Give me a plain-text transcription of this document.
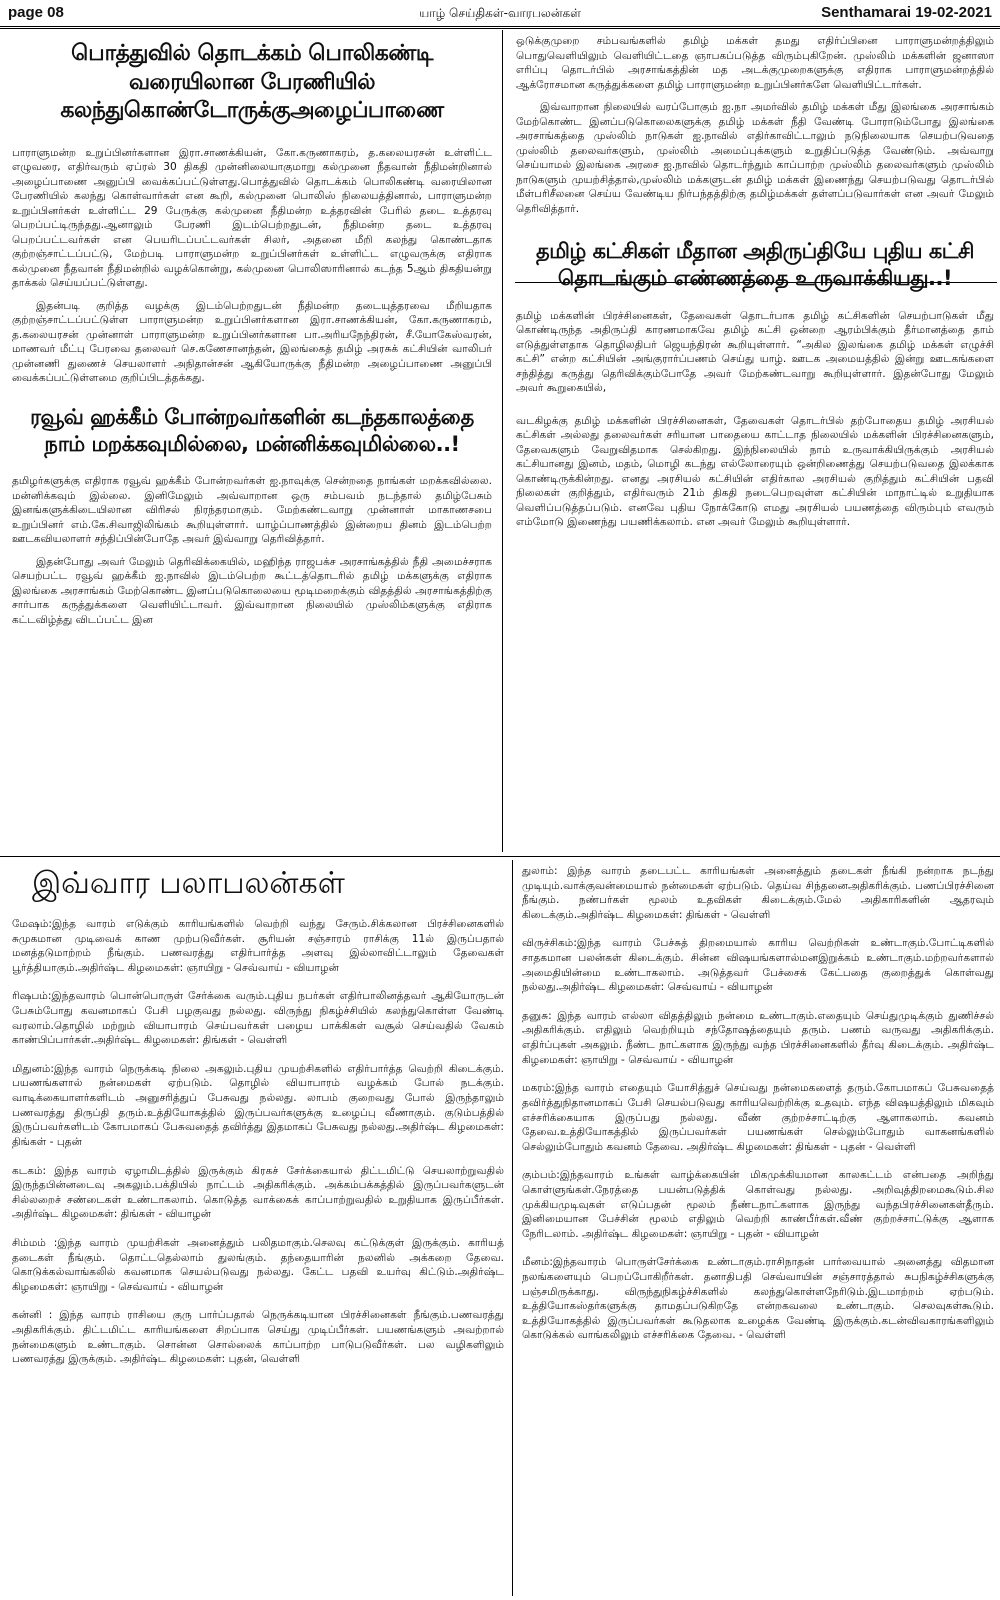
page 08	யாழ் செய்திகள்-வாரபலன்கள்	Senthamarai 19-02-2021
பொத்துவில் தொடக்கம் பொலிகண்டி வரையிலான பேரணியில் கலந்துகொண்டோருக்குஅழைப்பாணை

பாராளுமன்ற உறுப்பினர்களான இரா.சாணக்கியன், கோ.கருணாகரம், த.கலையரசன் உள்ளிட்ட எழுவரை, எதிர்வரும் ஏப்ரல் 30 திகதி முன்னிலையாகுமாறு கல்முனை நீதவான் நீதிமன்றினால் அழைப்பாணை அனுப்பி வைக்கப்பட்டுள்ளது.பொத்துவில் தொடக்கம் பொலிகண்டி வரையிலான பேரணியில் கலந்து கொள்வார்கள் என கூறி, கல்முனை பொலிஸ் நிலையத்தினால், பாராளுமன்ற உறுப்பினர்கள் உள்ளிட்ட 29 பேருக்கு கல்முனை நீதிமன்ற உத்தரவின் பேரில் தடை உத்தரவு பெறப்பட்டிருந்தது.ஆனாலும் பேரணி இடம்பெற்றதுடன், நீதிமன்ற தடை உத்தரவு பெறப்பட்டவர்கள் என பெயரிடப்பட்டவர்கள் சிலர், அதனை மீறி கலந்து கொண்டதாக குற்றஞ்சாட்டப்பட்டு, மேற்படி பாராளுமன்ற உறுப்பினர்கள் உள்ளிட்ட எழுவருக்கு எதிராக கல்முனை நீதவான் நீதிமன்றில் வழக்கொன்று, கல்முனை பொலிஸாரினால் கடந்த 5ஆம் திகதியன்று தாக்கல் செய்யப்பட்டுள்ளது.

இதன்படி குறித்த வழக்கு இடம்பெற்றதுடன் நீதிமன்ற தடையுத்தரவை மீறியதாக குற்றஞ்சாட்டப்பட்டுள்ள பாராளுமன்ற உறுப்பினர்களான இரா.சாணக்கியன், கோ.கருணாகரம், த.கலையரசன் முன்னாள் பாராளுமன்ற உறுப்பினர்களான பா.அரியநேந்திரன், சீ.யோகேஸ்வரன், மாணவர் மீட்பு பேரவை தலைவர் செ.கணேசானந்தன், இலங்கைத் தமிழ் அரசுக் கட்சியின் வாலிபர் முன்னணி துணைச் செயலாளர் அநிதான்சன் ஆகியோருக்கு நீதிமன்ற அழைப்பாணை அனுப்பி வைக்கப்பட்டுள்ளமை குறிப்பிடத்தக்கது.

ரவூவ் ஹக்கீம் போன்றவர்களின் கடந்தகாலத்தை நாம் மறக்கவுமில்லை, மன்னிக்கவுமில்லை..!

தமிழர்களுக்கு எதிராக ரவூவ் ஹக்கீம் போன்றவர்கள் ஐ.நாவுக்கு சென்றதை நாங்கள் மறக்கவில்லை. மன்னிக்கவும் இல்லை. இனிமேலும் அவ்வாறான ஒரு சம்பவம் நடந்தால் தமிழ்பேசும் இனங்களுக்கிடையிலான விரிசல் நிரந்தரமாகும். மேற்கண்டவாறு முன்னாள் மாகாணசபை உறுப்பினர் எம்.கே.சிவாஜிலிங்கம் கூறியுள்ளார். யாழ்ப்பாணத்தில் இன்றைய தினம் இடம்பெற்ற ஊடகவியலாளர் சந்திப்பின்போதே அவர் இவ்வாறு தெரிவித்தார்.

இதன்போது அவர் மேலும் தெரிவிக்கையில், மஹிந்த ராஜபக்ச அரசாங்கத்தில் நீதி அமைச்சராக செயற்பட்ட ரவூவ் ஹக்கீம் ஐ.நாவில் இடம்பெற்ற கூட்டத்தொடரில் தமிழ் மக்களுக்கு எதிராக இலங்கை அரசாங்கம் மேற்கொண்ட இனப்படுகொலையை மூடிமறைக்கும் விதத்தில் அரசாங்கத்திற்கு சார்பாக கருத்துக்களை வெளியிட்டாவர். இவ்வாறான நிலையில் முஸ்லிம்களுக்கு எதிராக கட்டவிழ்த்து விடப்பட்ட இன

ஒடுக்குமுறை சம்பவங்களில் தமிழ் மக்கள் தமது எதிர்ப்பினை பாராளுமன்றத்திலும் பொதுவெளியிலும் வெளியிட்டதை ஞாபகப்படுத்த விரும்புகிறேன். முஸ்லிம் மக்களின் ஜனாஸா எரிப்பு தொடர்பில் அரசாங்கத்தின் மத அடக்குமுறைகளுக்கு எதிராக பாராளுமன்றத்தில் ஆக்ரோசமான கருத்துக்களை தமிழ் பாராளுமன்ற உறுப்பினர்களே வெளியிட்டார்கள்.

இவ்வாறான நிலையில் வரப்போகும் ஐ.நா அமர்வில் தமிழ் மக்கள் மீது இலங்கை அரசாங்கம் மேற்கொண்ட இனப்படுகொலைகளுக்கு தமிழ் மக்கள் நீதி வேண்டி போராடும்போது இலங்கை அரசாங்கத்தை முஸ்லிம் நாடுகள் ஐ.நாவில் எதிர்காவிட்டாலும் நடுநிலையாக செயற்படுவதை முஸ்லிம் தலைவர்களும், முஸ்லிம் அமைப்புக்களும் உறுதிப்படுத்த வேண்டும். அவ்வாறு செய்யாமல் இலங்கை அரசை ஐ.நாவில் தொடர்ந்தும் காப்பாற்ற முஸ்லிம் தலைவர்களும் முஸ்லிம் நாடுகளும் முயற்சித்தால்,முஸ்லிம் மக்களுடன் தமிழ் மக்கள் இணைந்து செயற்படுவது தொடர்பில் மீள்பரிசீலனை செய்ய வேண்டிய நிர்பந்தத்திற்கு தமிழ்மக்கள் தள்ளப்படுவார்கள் என அவர் மேலும் தெரிவித்தார்.

தமிழ் கட்சிகள் மீதான அதிருப்தியே புதிய கட்சி தொடங்கும் எண்ணத்தை உருவாக்கியது..!

தமிழ் மக்களின் பிரச்சினைகள், தேவைகள் தொடர்பாக தமிழ் கட்சிகளின் செயற்பாடுகள் மீது கொண்டிருந்த அதிருப்தி காரணமாகவே தமிழ் கட்சி ஒன்றை ஆரம்பிக்கும் தீர்மானத்தை தாம் எடுத்துள்ளதாக தொழிலதிபர் ஜெயந்திரன் கூறியுள்ளார். “அகில இலங்கை தமிழ் மக்கள் எழுச்சி கட்சி” என்ற கட்சியின் அங்குரார்ப்பணம் செய்து யாழ். ஊடக அமையத்தில் இன்று ஊடகங்களை சந்தித்து கருத்து தெரிவிக்கும்போதே அவர் மேற்கண்டவாறு கூறியுள்ளார். இதன்போது மேலும் அவர் கூறுகையில்,

வடகிழக்கு தமிழ் மக்களின் பிரச்சினைகள், தேவைகள் தொடர்பில் தற்போதைய தமிழ் அரசியல் கட்சிகள் அல்லது தலைவர்கள் சரியான பாதையை காட்டாத நிலையில் மக்களின் பிரச்சினைகளும், தேவைகளும் வேறுவிதமாக செல்கிறது. இந்நிலையில் நாம் உருவாக்கியிருக்கும் அரசியல் கட்சியானது இனம், மதம், மொழி கடந்து எல்லோரையும் ஒன்றிணைத்து செயற்படுவதை இலக்காக கொண்டிருக்கின்றது. எனது அரசியல் கட்சியின் எதிர்கால அரசியல் குறித்தும் கட்சியின் பதவி நிலைகள் குறித்தும், எதிர்வரும் 21ம் திகதி நடைபெறவுள்ள கட்சியின் மாநாட்டில் உறுதியாக வெளிப்படுத்தப்படும். எனவே புதிய நோக்கோடு எமது அரசியல் பயணத்தை விரும்பும் எவரும் எம்மோடு இணைந்து பயணிக்கலாம். என அவர் மேலும் கூறியுள்ளார்.

இவ்வார பலாபலன்கள்

மேஷம்:இந்த வாரம் எடுக்கும் காரியங்களில் வெற்றி வந்து சேரும்.சிக்கலான பிரச்சினைகளில் சுமுகமான முடிவைக் காண முற்படுவீர்கள். சூரியன் சஞ்சாரம் ராசிக்கு 11ல் இருப்பதால் மனத்தடுமாற்றம் நீங்கும். பணவரத்து எதிர்பார்த்த அளவு இல்லாவிட்டாலும் தேவைகள் பூர்த்தியாகும்.அதிர்ஷ்ட கிழமைகள்: ஞாயிறு - செவ்வாய் - வியாழன்

ரிஷபம்:இந்தவாரம் பொன்பொருள் சேர்க்கை வரும்.புதிய நபர்கள் எதிர்பாலினத்தவர் ஆகியோருடன் பேசும்போது கவனமாகப் பேசி பழகுவது நல்லது. விருந்து நிகழ்ச்சியில் கலந்துகொள்ள வேண்டி வரலாம்.தொழில் மற்றும் வியாபாரம் செய்பவர்கள் பழைய பாக்கிகள் வசூல் செய்வதில் வேகம் காண்பிப்பார்கள்.அதிர்ஷ்ட கிழமைகள்: திங்கள் - வெள்ளி

மிதுனம்:இந்த வாரம் நெருக்கடி நிலை அகலும்.புதிய முயற்சிகளில் எதிர்பார்த்த வெற்றி கிடைக்கும். பயணங்களால் நன்மைகள் ஏற்படும். தொழில் வியாபாரம் வழக்கம் போல் நடக்கும். வாடிக்கையாளர்களிடம் அனுசரித்துப் பேசுவது நல்லது. லாபம் குறைவது போல் இருந்தாலும் பணவரத்து திருப்தி தரும்.உத்தியோகத்தில் இருப்பவர்களுக்கு உழைப்பு வீணாகும். குடும்பத்தில் இருப்பவர்களிடம் கோபமாகப் பேசுவதைத் தவிர்த்து இதமாகப் பேசுவது நல்லது.அதிர்ஷ்ட கிழமைகள்: திங்கள் - புதன்

கடகம்: இந்த வாரம் ஏழாமிடத்தில் இருக்கும் கிரகச் சேர்க்கையால் திட்டமிட்டு செயலாற்றுவதில் இருந்தபின்னடைவு அகலும்.பக்தியில் நாட்டம் அதிகரிக்கும். அக்கம்பக்கத்தில் இருப்பவர்களுடன் சில்லறைச் சண்டைகள் உண்டாகலாம். கொடுத்த வாக்கைக் காப்பாற்றுவதில் உறுதியாக இருப்பீர்கள். அதிர்ஷ்ட கிழமைகள்: திங்கள் - வியாழன்

சிம்மம் :இந்த வாரம் முயற்சிகள் அனைத்தும் பலிதமாகும்.செலவு கட்டுக்குள் இருக்கும். காரியத் தடைகள் நீங்கும். தொட்டதெல்லாம் துலங்கும். தந்தையாரின் நலனில் அக்கறை தேவை. கொடுக்கல்வாங்கலில் கவனமாக செயல்படுவது நல்லது. கேட்ட பதவி உயர்வு கிட்டும்.அதிர்ஷ்ட கிழமைகள்: ஞாயிறு - செவ்வாய் - வியாழன்

கன்னி : இந்த வாரம் ராசியை குரு பார்ப்பதால் நெருக்கடியான பிரச்சினைகள் நீங்கும்.பணவரத்து அதிகரிக்கும். திட்டமிட்ட காரியங்களை சிறப்பாக செய்து முடிப்பீர்கள். பயணங்களும் அவற்றால் நன்மைகளும் உண்டாகும். சொன்ன சொல்லைக் காப்பாற்ற பாடுபடுவீர்கள். பல வழிகளிலும் பணவரத்து இருக்கும். அதிர்ஷ்ட கிழமைகள்: புதன், வெள்ளி

துலாம்: இந்த வாரம் தடைபட்ட காரியங்கள் அனைத்தும் தடைகள் நீங்கி நன்றாக நடந்து முடியும்.வாக்குவன்மையால் நன்மைகள் ஏற்படும். தெய்வ சிந்தனைஅதிகரிக்கும். பணப்பிரச்சினை நீங்கும். நண்பர்கள் மூலம் உதவிகள் கிடைக்கும்.மேல் அதிகாரிகளின் ஆதரவும் கிடைக்கும்.அதிர்ஷ்ட கிழமைகள்: திங்கள் - வெள்ளி

விருச்சிகம்:இந்த வாரம் பேச்சுத் திறமையால் காரிய வெற்றிகள் உண்டாகும்.போட்டிகளில் சாதகமான பலன்கள் கிடைக்கும். சின்ன விஷயங்களால்மனஇறுக்கம் உண்டாகும்.மற்றவர்களால் அமைதியின்மை உண்டாகலாம். அடுத்தவர் பேச்சைக் கேட்பதை குறைத்துக் கொள்வது நல்லது.அதிர்ஷ்ட கிழமைகள்: செவ்வாய் - வியாழன்

தனுசு: இந்த வாரம் எல்லா விதத்திலும் நன்மை உண்டாகும்.எதையும் செய்துமுடிக்கும் துணிச்சல் அதிகரிக்கும். எதிலும் வெற்றியும் சந்தோஷத்தையும் தரும். பணம் வருவது அதிகரிக்கும். எதிர்ப்புகள் அகலும். நீண்ட நாட்களாக இருந்து வந்த பிரச்சினைகளில் தீர்வு கிடைக்கும். அதிர்ஷ்ட கிழமைகள்: ஞாயிறு - செவ்வாய் - வியாழன்

மகரம்:இந்த வாரம் எதையும் யோசித்துச் செய்வது நன்மைகளைத் தரும்.கோபமாகப் பேசுவதைத் தவிர்த்துநிதானமாகப் பேசி செயல்படுவது காரியவெற்றிக்கு உதவும். எந்த விஷயத்திலும் மிகவும் எச்சரிக்கையாக இருப்பது நல்லது. வீண் குற்றச்சாட்டிற்கு ஆளாகலாம். கவனம் தேவை.உத்தியோகத்தில் இருப்பவர்கள் பயணங்கள் செல்லும்போதும் வாகனங்களில் செல்லும்போதும் கவனம் தேவை. அதிர்ஷ்ட கிழமைகள்: திங்கள் - புதன் - வெள்ளி

கும்பம்:இந்தவாரம் உங்கள் வாழ்க்கையின் மிகமுக்கியமான காலகட்டம் என்பதை அறிந்து கொள்ளுங்கள்.நேரத்தை பயன்படுத்திக் கொள்வது நல்லது. அறிவுத்திறமைகூடும்.சில முக்கியமுடிவுகள் எடுப்பதன் மூலம் நீண்டநாட்களாக இருந்து வந்தபிரச்சினைகள்தீரும். இனிமையான பேச்சின் மூலம் எதிலும் வெற்றி காண்பீர்கள்.வீண் குற்றச்சாட்டுக்கு ஆளாக நேரிடலாம். அதிர்ஷ்ட கிழமைகள்: ஞாயிறு - புதன் - வியாழன்

மீனம்:இந்தவாரம் பொருள்சேர்க்கை உண்டாகும்.ராசிநாதன் பார்வையால் அனைத்து விதமான நலங்களையும் பெறப்போகிறீர்கள். தனாதிபதி செவ்வாயின் சஞ்சாரத்தால் சுபநிகழ்ச்சிகளுக்கு பஞ்சமிருக்காது. விருந்துநிகழ்ச்சிகளில் கலந்துகொள்ளநேரிடும்.இடமாற்றம் ஏற்படும். உத்தியோகஸ்தர்களுக்கு தாமதப்படுகிறதே என்றகவலை உண்டாகும். செலவுகள்கூடும். உத்தியோகத்தில் இருப்பவர்கள் கூடுதலாக உழைக்க வேண்டி இருக்கும்.கடன்விவகாரங்களிலும் கொடுக்கல் வாங்கலிலும் எச்சரிக்கை தேவை. - வெள்ளி
